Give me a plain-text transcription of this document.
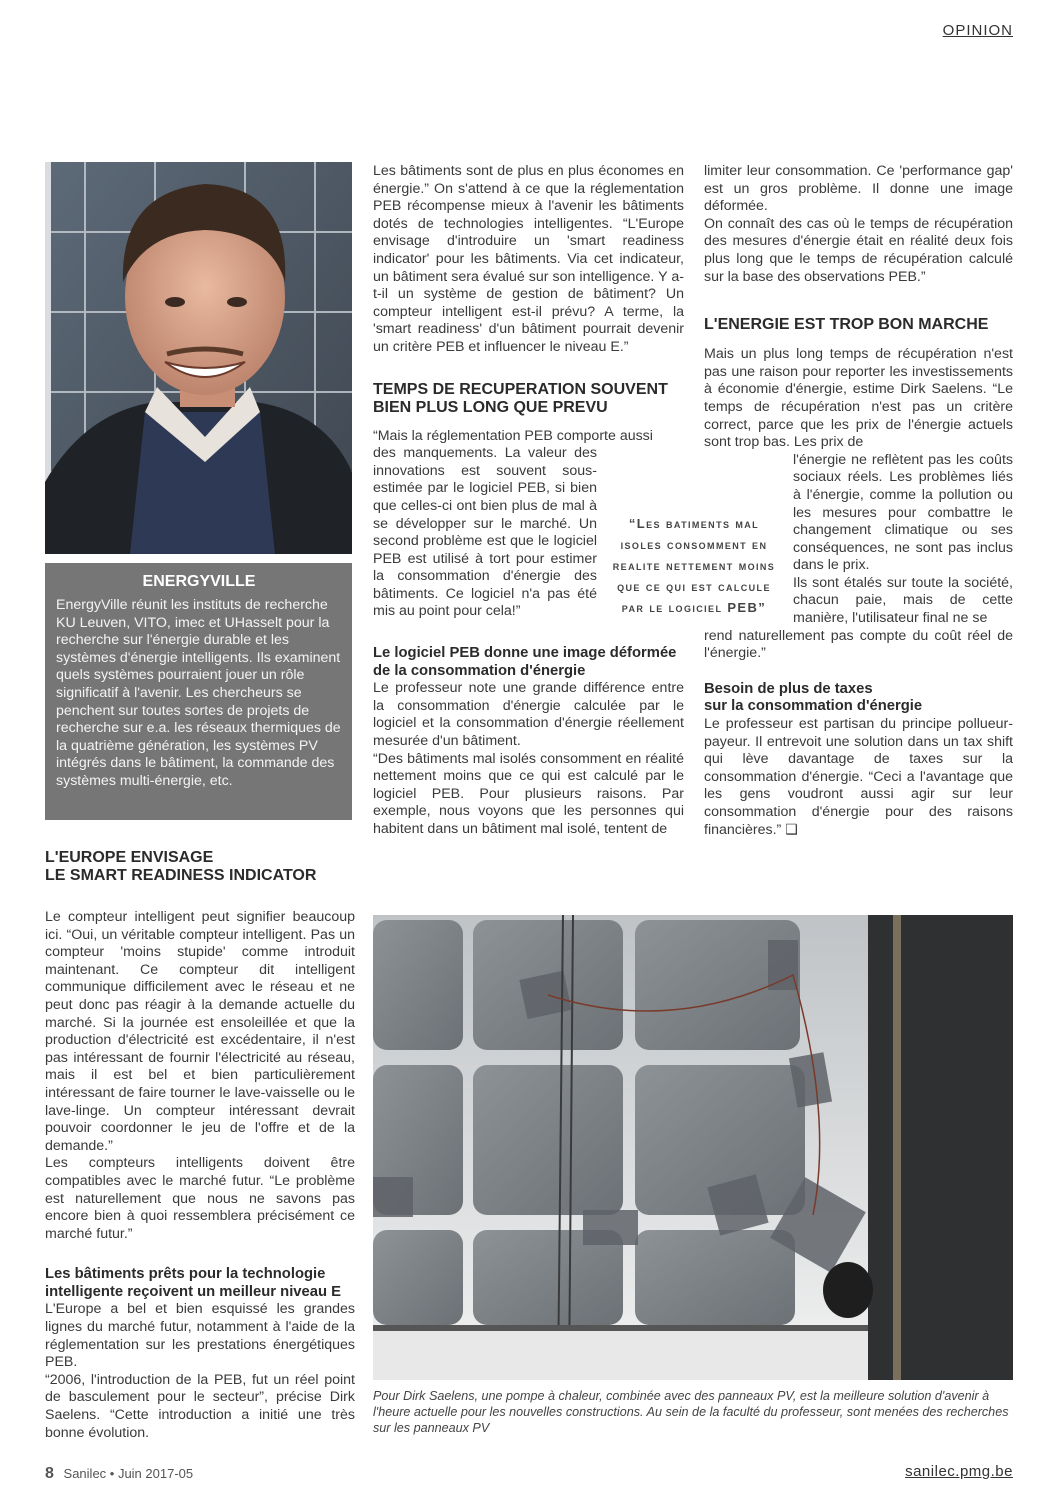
OPINION
ENERGYVILLE

EnergyVille réunit les instituts de recherche KU Leuven, VITO, imec et UHasselt pour la recherche sur l'énergie durable et les systèmes d'énergie intelligents. Ils examinent quels systèmes pourraient jouer un rôle significatif à l'avenir. Les chercheurs se penchent sur toutes sortes de projets de recherche sur e.a. les réseaux thermiques de la quatrième génération, les systèmes PV intégrés dans le bâtiment, la commande des systèmes multi-énergie, etc.

L'EUROPE ENVISAGE
LE SMART READINESS INDICATOR

Le compteur intelligent peut signifier beaucoup ici. “Oui, un véritable compteur intelligent. Pas un compteur 'moins stupide' comme introduit maintenant. Ce compteur dit intelligent communique difficilement avec le réseau et ne peut donc pas réagir à la demande actuelle du marché. Si la journée est ensoleillée et que la production d'électricité est excédentaire, il n'est pas intéressant de fournir l'électricité au réseau, mais il est bel et bien particulièrement intéressant de faire tourner le lave-vaisselle ou le lave-linge. Un compteur intéressant devrait pouvoir coordonner le jeu de l'offre et de la demande.”

Les compteurs intelligents doivent être compatibles avec le marché futur. “Le problème est naturellement que nous ne savons pas encore bien à quoi ressemblera précisément ce marché futur.”

Les bâtiments prêts pour la technologie
intelligente reçoivent un meilleur niveau E

L'Europe a bel et bien esquissé les grandes lignes du marché futur, notamment à l'aide de la réglementation sur les prestations énergétiques PEB.

“2006, l'introduction de la PEB, fut un réel point de basculement pour le secteur”, précise Dirk Saelens. “Cette introduction a initié une très bonne évolution.

Les bâtiments sont de plus en plus économes en énergie.” On s'attend à ce que la réglementation PEB récompense mieux à l'avenir les bâtiments dotés de technologies intelligentes. “L'Europe envisage d'introduire un 'smart readiness indicator' pour les bâtiments. Via cet indicateur, un bâtiment sera évalué sur son intelligence. Y a-t-il un système de gestion de bâtiment? Un compteur intelligent est-il prévu? A terme, la 'smart readiness' d'un bâtiment pourrait devenir un critère PEB et influencer le niveau E.”

TEMPS DE RECUPERATION SOUVENT
BIEN PLUS LONG QUE PREVU

“Mais la réglementation PEB comporte aussi

des manquements. La valeur des innovations est souvent sous-estimée par le logiciel PEB, si bien que celles-ci ont bien plus de mal à se développer sur le marché. Un second problème est que le logiciel PEB est utilisé à tort pour estimer la consommation d'énergie des bâtiments. Ce logiciel n'a pas été mis au point pour cela!”

Le logiciel PEB donne une image déformée
de la consommation d'énergie

Le professeur note une grande différence entre la consommation d'énergie calculée par le logiciel et la consommation d'énergie réellement mesurée d'un bâtiment.

“Des bâtiments mal isolés consomment en réalité nettement moins que ce qui est calculé par le logiciel PEB. Pour plusieurs raisons. Par exemple, nous voyons que les personnes qui habitent dans un bâtiment mal isolé, tentent de

“Les batiments mal isoles consomment en realite nettement moins que ce qui est calcule par le logiciel PEB”

limiter leur consommation. Ce 'performance gap' est un gros problème. Il donne une image déformée.

On connaît des cas où le temps de récupération des mesures d'énergie était en réalité deux fois plus long que le temps de récupération calculé sur la base des observations PEB.”

L'ENERGIE EST TROP BON MARCHE

Mais un plus long temps de récupération n'est pas une raison pour reporter les investissements à économie d'énergie, estime Dirk Saelens. “Le temps de récupération n'est pas un critère correct, parce que les prix de l'énergie actuels sont trop bas. Les prix de

l'énergie ne reflètent pas les coûts sociaux réels. Les problèmes liés à l'énergie, comme la pollution ou les mesures pour combattre le changement climatique ou ses conséquences, ne sont pas inclus dans le prix.

Ils sont étalés sur toute la société, chacun paie, mais de cette manière, l'utilisateur final ne se

rend naturellement pas compte du coût réel de l'énergie.”

Besoin de plus de taxes
sur la consommation d'énergie

Le professeur est partisan du principe pollueur-payeur. Il entrevoit une solution dans un tax shift qui lève davantage de taxes sur la consommation d'énergie. “Ceci a l'avantage que les gens voudront aussi agir sur leur consommation d'énergie pour des raisons financières.” ❑

Pour Dirk Saelens, une pompe à chaleur, combinée avec des panneaux PV, est la meilleure solution d'avenir à l'heure actuelle pour les nouvelles constructions. Au sein de la faculté du professeur, sont menées des recherches sur les panneaux PV
8 Sanilec • Juin 2017-05	sanilec.pmg.be
